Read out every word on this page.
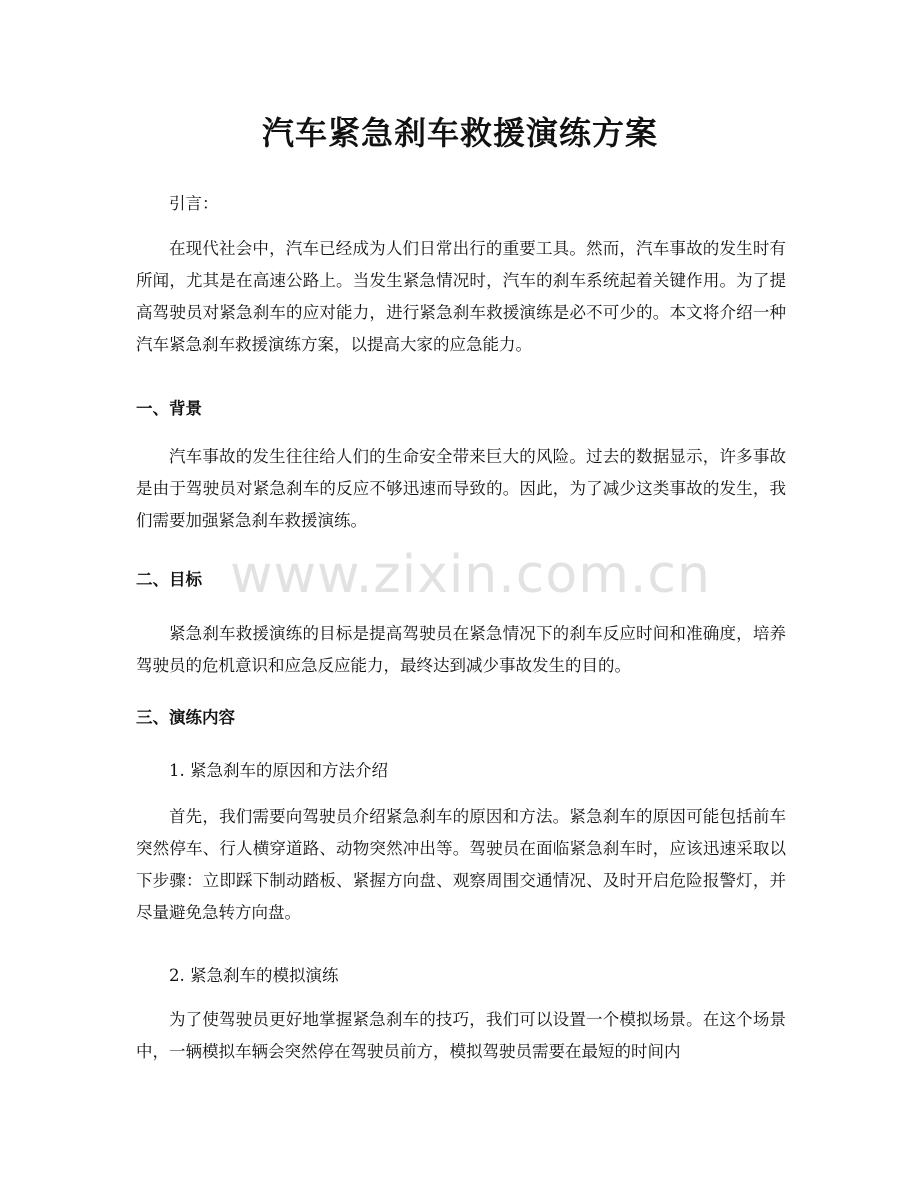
汽车紧急刹车救援演练方案

引言：

在现代社会中，汽车已经成为人们日常出行的重要工具。然而，汽车事故的发生时有所闻，尤其是在高速公路上。当发生紧急情况时，汽车的刹车系统起着关键作用。为了提高驾驶员对紧急刹车的应对能力，进行紧急刹车救援演练是必不可少的。本文将介绍一种汽车紧急刹车救援演练方案，以提高大家的应急能力。

一、背景

汽车事故的发生往往给人们的生命安全带来巨大的风险。过去的数据显示，许多事故是由于驾驶员对紧急刹车的反应不够迅速而导致的。因此，为了减少这类事故的发生，我们需要加强紧急刹车救援演练。

二、目标

紧急刹车救援演练的目标是提高驾驶员在紧急情况下的刹车反应时间和准确度，培养驾驶员的危机意识和应急反应能力，最终达到减少事故发生的目的。

三、演练内容

1. 紧急刹车的原因和方法介绍

首先，我们需要向驾驶员介绍紧急刹车的原因和方法。紧急刹车的原因可能包括前车突然停车、行人横穿道路、动物突然冲出等。驾驶员在面临紧急刹车时，应该迅速采取以下步骤：立即踩下制动踏板、紧握方向盘、观察周围交通情况、及时开启危险报警灯，并尽量避免急转方向盘。

2. 紧急刹车的模拟演练

为了使驾驶员更好地掌握紧急刹车的技巧，我们可以设置一个模拟场景。在这个场景中，一辆模拟车辆会突然停在驾驶员前方，模拟驾驶员需要在最短的时间内

www.zixin.com.cn
